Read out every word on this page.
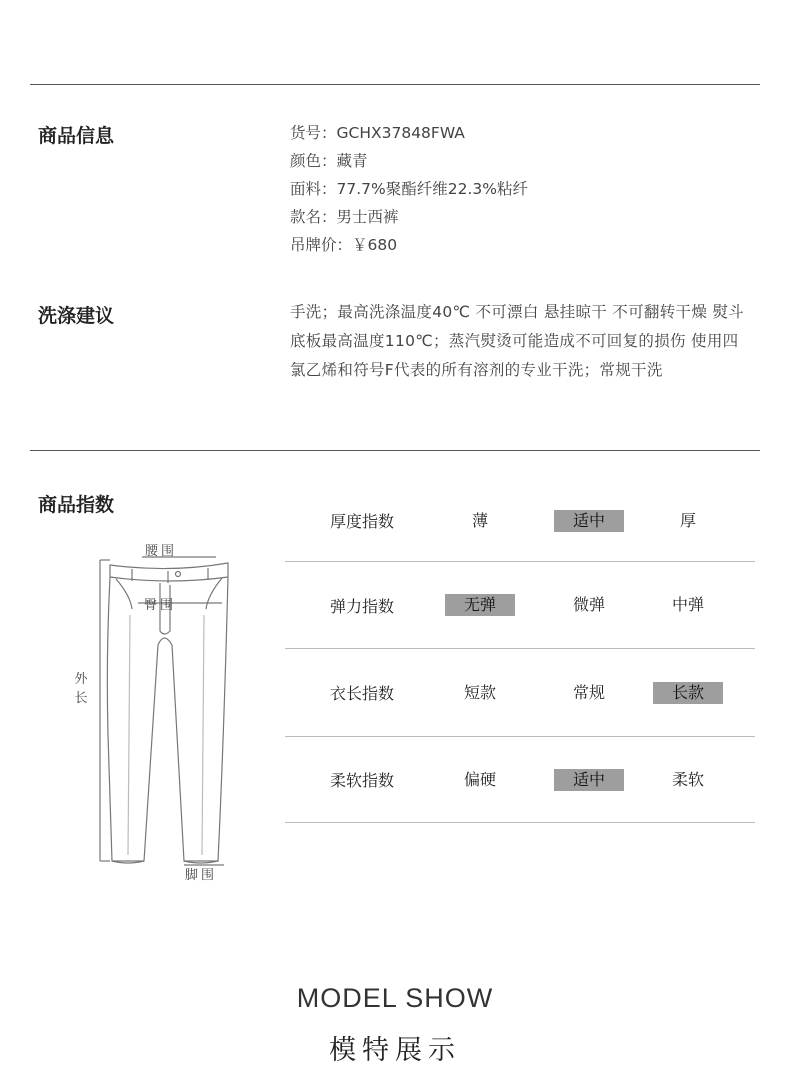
商品信息	货号：GCHX37848FWA
颜色：藏青
面料：77.7%聚酯纤维22.3%粘纤
款名：男士西裤
吊牌价：￥680
洗涤建议	手洗；最高洗涤温度40℃ 不可漂白 悬挂晾干 不可翻转干燥 熨斗底板最高温度110℃；蒸汽熨烫可能造成不可回复的损伤 使用四氯乙烯和符号F代表的所有溶剂的专业干洗；常规干洗
商品指数
厚度指数	薄	适中	厚
弹力指数	无弹	微弹	中弹
衣长指数	短款	常规	长款
柔软指数	偏硬	适中	柔软
腰围
臀围
外
长
脚围
MODEL SHOW
模特展示
